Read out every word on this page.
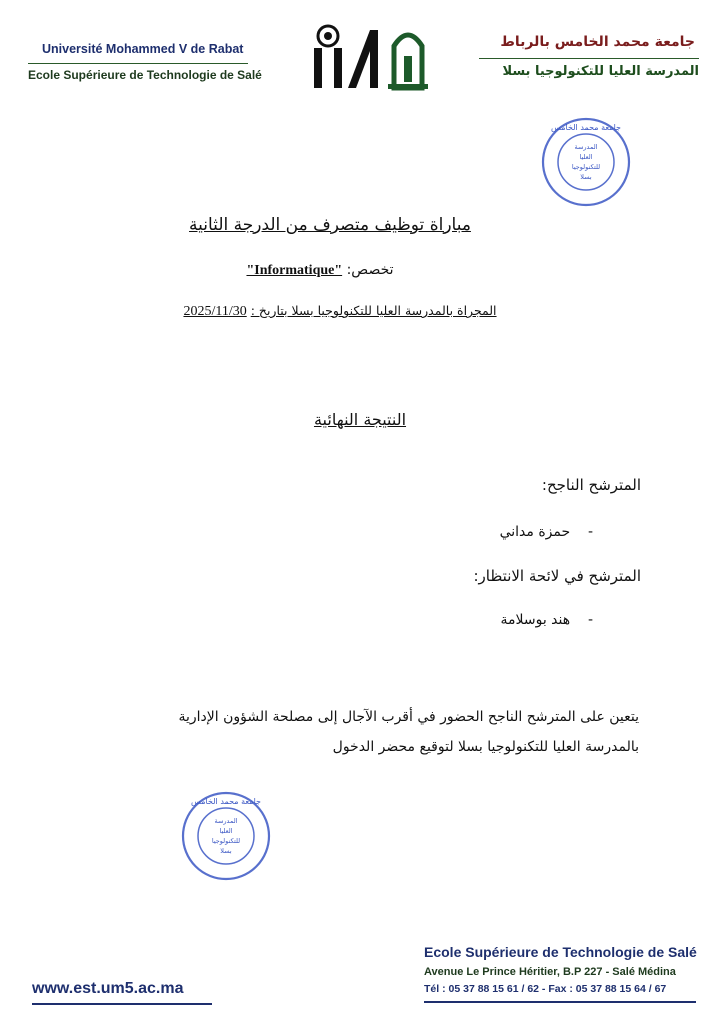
Université Mohammed V de Rabat
Ecole Supérieure de Technologie de Salé
جامعة محمد الخامس بالرباط
المدرسة العليا للتكنولوجيا بسلا
جامعة محمد الخامس
المدرسة
العليا
للتكنولوجيا
بسلا
مباراة توظيف متصرف من الدرجة الثانية
تخصص: "Informatique"
المجراة بالمدرسة العليا للتكنولوجيا بسلا بتاريخ : 2025/11/30
النتيجة النهائية
المترشح الناجح:
-    حمزة مداني
المترشح في لائحة الانتظار:
-    هند بوسلامة
يتعين على المترشح الناجح الحضور في أقرب الآجال إلى مصلحة الشؤون الإدارية
بالمدرسة العليا للتكنولوجيا بسلا لتوقيع محضر الدخول
جامعة محمد الخامس
المدرسة
العليا
للتكنولوجيا
بسلا
www.est.um5.ac.ma
Ecole Supérieure de Technologie de Salé
Avenue Le Prince Héritier, B.P 227 - Salé Médina
Tél : 05 37 88 15 61 / 62 - Fax : 05 37 88 15 64 / 67
